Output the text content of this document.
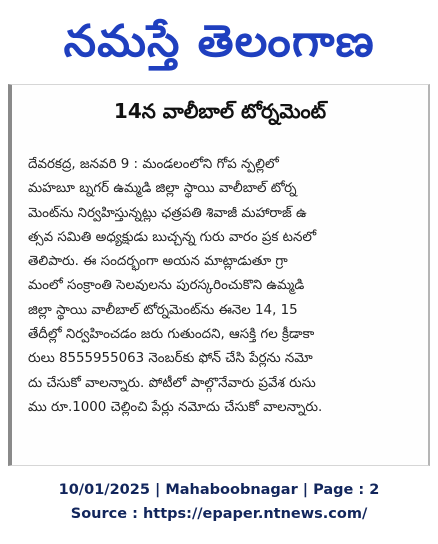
నమస్తే తెలంగాణ
14న వాలీబాల్ టోర్నమెంట్
దేవరకద్ర, జనవరి 9 : మండలంలోని గోప న్పల్లిలో
మహబూ బ్నగర్ ఉమ్మడి జిల్లా స్థాయి వాలీబాల్ టోర్న
మెంట్‌ను నిర్వహిస్తున్నట్లు ఛత్రపతి శివాజీ మహారాజ్ ఉ
త్సవ సమితి అధ్యక్షుడు బుచ్చన్న గురు వారం ప్రక టనలో
తెలిపారు. ఈ సందర్భంగా అయన మాట్లాడుతూ గ్రా
మంలో సంక్రాంతి సెలవులను పురస్కరించుకొని ఉమ్మడి
జిల్లా స్థాయి వాలీబాల్ టోర్నమెంట్‌ను ఈనెల 14, 15
తేదీల్లో నిర్వహించడం జరు గుతుందని, ఆసక్తి గల క్రీడాకా
రులు 8555955063 నెంబర్‌కు ఫోన్ చేసి పేర్లను నమో
దు చేసుకో వాలన్నారు. పోటీలో పాల్గొనేవారు ప్రవేశ రుసు
ము రూ.1000 చెల్లించి పేర్లు నమోదు చేసుకో వాలన్నారు.
10/01/2025 | Mahaboobnagar | Page : 2
Source : https://epaper.ntnews.com/
